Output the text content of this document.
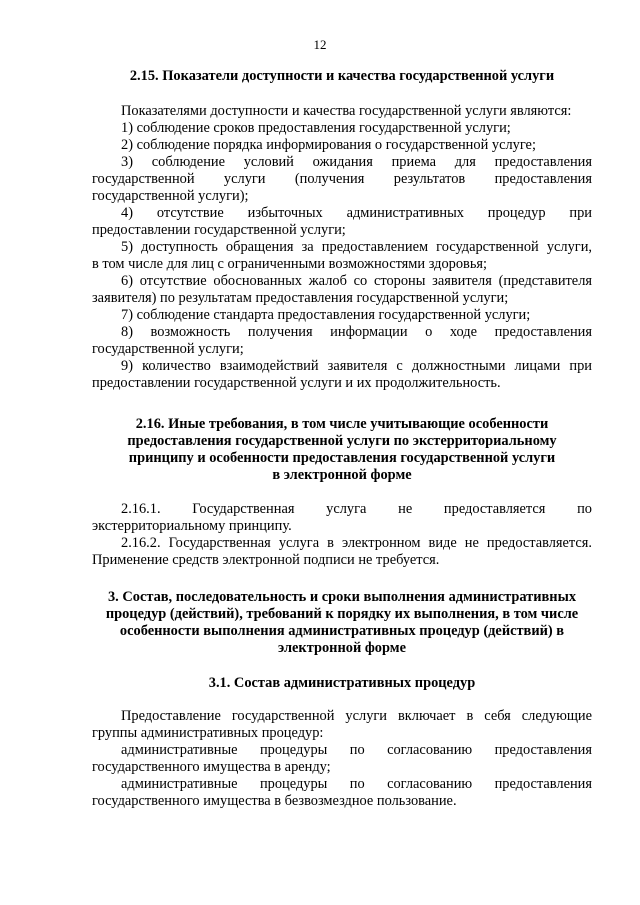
12
2.15. Показатели доступности и качества государственной услуги
Показателями доступности и качества государственной услуги являются:
1) соблюдение сроков предоставления государственной услуги;
2) соблюдение порядка информирования о государственной услуге;
3) соблюдение условий ожидания приема для предоставления
государственной услуги (получения результатов предоставления
государственной услуги);
4) отсутствие избыточных административных процедур при
предоставлении государственной услуги;
5) доступность обращения за предоставлением государственной услуги,
в том числе для лиц с ограниченными возможностями здоровья;
6) отсутствие обоснованных жалоб со стороны заявителя (представителя
заявителя) по результатам предоставления государственной услуги;
7) соблюдение стандарта предоставления государственной услуги;
8) возможность получения информации о ходе предоставления
государственной услуги;
9) количество взаимодействий заявителя с должностными лицами при
предоставлении государственной услуги и их продолжительность.
2.16. Иные требования, в том числе учитывающие особенности
предоставления государственной услуги по экстерриториальному
принципу и особенности предоставления государственной услуги
в электронной форме
2.16.1. Государственная услуга не предоставляется по
экстерриториальному принципу.
2.16.2. Государственная услуга в электронном виде не предоставляется.
Применение средств электронной подписи не требуется.
3. Состав, последовательность и сроки выполнения административных
процедур (действий), требований к порядку их выполнения, в том числе
особенности выполнения административных процедур (действий) в
электронной форме
3.1. Состав административных процедур
Предоставление государственной услуги включает в себя следующие
группы административных процедур:
административные процедуры по согласованию предоставления
государственного имущества в аренду;
административные процедуры по согласованию предоставления
государственного имущества в безвозмездное пользование.
